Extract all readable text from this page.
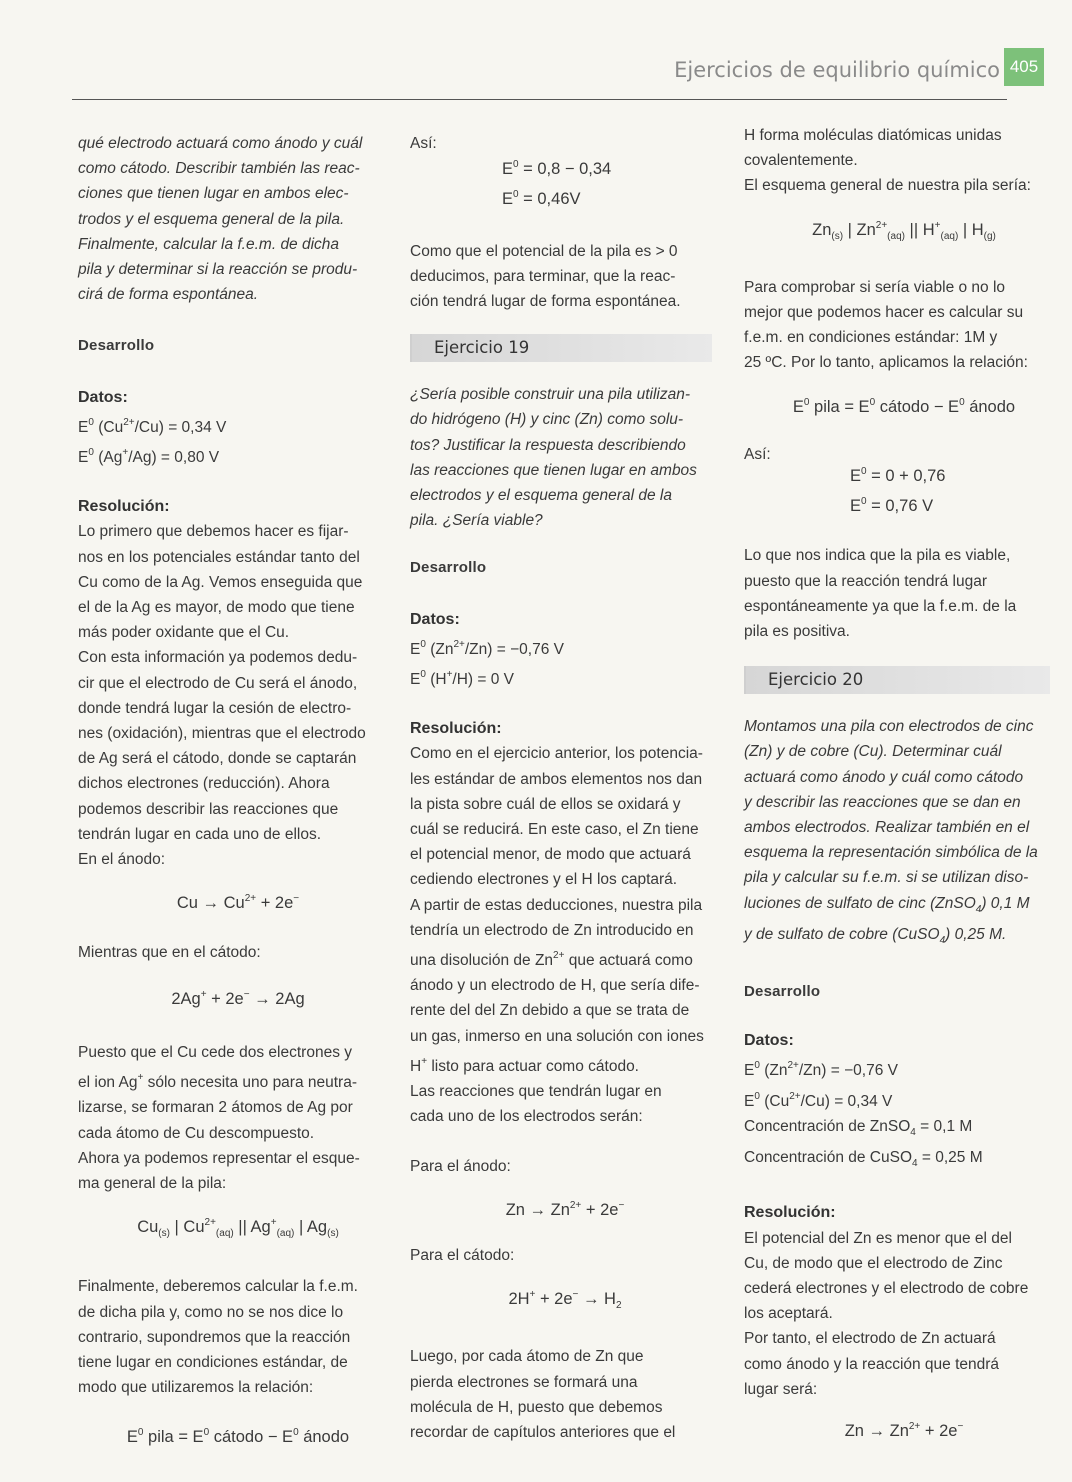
Ejercicios de equilibrio químico 405

qué electrodo actuará como ánodo y cuál

como cátodo. Describir también las reac-

ciones que tienen lugar en ambos elec-

trodos y el esquema general de la pila.

Finalmente, calcular la f.e.m. de dicha

pila y determinar si la reacción se produ-

cirá de forma espontánea.

Desarrollo

Datos:

$E^0$ $(Cu^{2+}/Cu) = 0,34$ V

$E^0$ (Ag+/Ag) = 0,80 V

Resolución:

Lo primero que debemos hacer es fijar-

nos en los potenciales estándar tanto del

Cu como de la Ag. Vemos enseguida que

el de la Ag es mayor, de modo que tiene

más poder oxidante que el Cu.

Con esta información ya podemos dedu-

cir que el electrodo de Cu será el ánodo,

donde tendrá lugar la cesión de electro-

nes (oxidación), mientras que el electrodo

de Ag será el cátodo, donde se captarán

dichos electrones (reducción). Ahora

podemos describir las reacciones que

tendrán lugar en cada uno de ellos.

En el ánodo:

$Cu \to Cu^{2+} + 2e^-$

Mientras que en el cátodo:

2Ag+ + 2e− → 2Ag

Puesto que el Cu cede dos electrones y

el ion Ag+ sólo necesita uno para neutra-

lizarse, se formaran 2 átomos de Ag por

cada átomo de Cu descompuesto.

Ahora ya podemos representar el esque-

ma general de la pila:

$Cu_{(s)}$ | $Cu^{2+}_{(aq)}$ || $Ag^+_{(aq)}$ | $Ag_{(s)}$

Finalmente, deberemos calcular la f.e.m.

de dicha pila y, como no se nos dice lo

contrario, supondremos que la reacción

tiene lugar en condiciones estándar, de

modo que utilizaremos la relación:

$E^0$ pila = $E^0$ cátodo − $E^0$ ánodo

Así:

$E^0 = 0,8 - 0,34$

$E^0 = 0,46V$

Como que el potencial de la pila es > 0

deducimos, para terminar, que la reac-

ción tendrá lugar de forma espontánea.

Ejercicio 19

¿Sería posible construir una pila utilizan-

do hidrógeno (H) y cinc (Zn) como solu-

tos? Justificar la respuesta describiendo

las reacciones que tienen lugar en ambos

electrodos y el esquema general de la

pila. ¿Sería viable?

Desarrollo

Datos:

$E^0$ $(Zn^{2+}/Zn) = -0,76$ V

$E^0$ (H+/H) = 0 V

Resolución:

Como en el ejercicio anterior, los potencia-

les estándar de ambos elementos nos dan

la pista sobre cuál de ellos se oxidará y

cuál se reducirá. En este caso, el Zn tiene

el potencial menor, de modo que actuará

cediendo electrones y el H los captará.

A partir de estas deducciones, nuestra pila

tendría un electrodo de Zn introducido en

una disolución de $Zn^{2+}$ que actuará como

ánodo y un electrodo de H, que sería dife-

rente del del Zn debido a que se trata de

un gas, inmerso en una solución con iones

H+ listo para actuar como cátodo.

Las reacciones que tendrán lugar en

cada uno de los electrodos serán:

Para el ánodo:

$Zn \to Zn^{2+} + 2e^-$

Para el cátodo:

$2H^+ + 2e^- \to H_2$

Luego, por cada átomo de Zn que

pierda electrones se formará una

molécula de H, puesto que debemos

recordar de capítulos anteriores que el

H forma moléculas diatómicas unidas

covalentemente.

El esquema general de nuestra pila sería:

$Zn_{(s)}$ | $Zn^{2+}_{(aq)}$ || $H^+_{(aq)}$ | $H_{(g)}$

Para comprobar si sería viable o no lo

mejor que podemos hacer es calcular su

f.e.m. en condiciones estándar: 1M y

25 ºC. Por lo tanto, aplicamos la relación:

$E^0$ pila = $E^0$ cátodo − $E^0$ ánodo

Así:

$E^0 = 0 + 0,76$

$E^0 = 0,76$ V

Lo que nos indica que la pila es viable,

puesto que la reacción tendrá lugar

espontáneamente ya que la f.e.m. de la

pila es positiva.

Ejercicio 20

Montamos una pila con electrodos de cinc

(Zn) y de cobre (Cu). Determinar cuál

actuará como ánodo y cuál como cátodo

y describir las reacciones que se dan en

ambos electrodos. Realizar también en el

esquema la representación simbólica de la

pila y calcular su f.e.m. si se utilizan diso-

luciones de sulfato de cinc (ZnSO$_4$) 0,1 M

y de sulfato de cobre (CuSO$_4$) 0,25 M.

Desarrollo

Datos:

$E^0$ $(Zn^{2+}/Zn) = -0,76$ V

$E^0$ $(Cu^{2+}/Cu) = 0,34$ V

Concentración de ZnSO$_4$ = 0,1 M

Concentración de CuSO$_4$ = 0,25 M

Resolución:

El potencial del Zn es menor que el del

Cu, de modo que el electrodo de Zinc

cederá electrones y el electrodo de cobre

los aceptará.

Por tanto, el electrodo de Zn actuará

como ánodo y la reacción que tendrá

lugar será:

$Zn \to Zn^{2+} + 2e^-$
